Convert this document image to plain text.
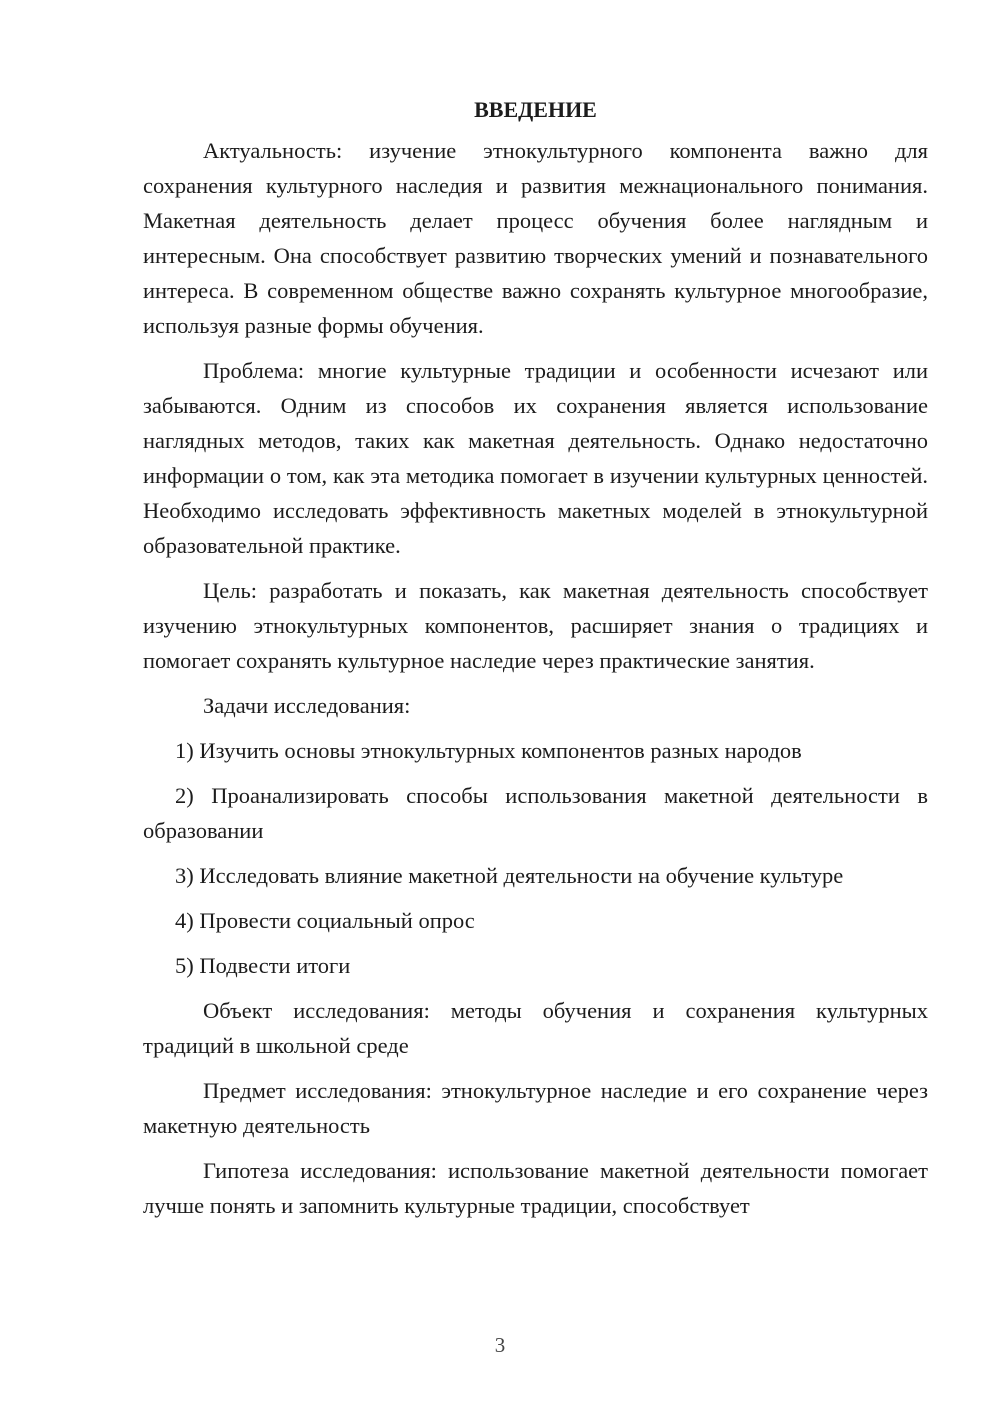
ВВЕДЕНИЕ

Актуальность: изучение этнокультурного компонента важно для сохранения культурного наследия и развития межнационального понимания. Макетная деятельность делает процесс обучения более наглядным и интересным. Она способствует развитию творческих умений и познавательного интереса. В современном обществе важно сохранять культурное многообразие, используя разные формы обучения.

Проблема: многие культурные традиции и особенности исчезают или забываются. Одним из способов их сохранения является использование наглядных методов, таких как макетная деятельность. Однако недостаточно информации о том, как эта методика помогает в изучении культурных ценностей. Необходимо исследовать эффективность макетных моделей в этнокультурной образовательной практике.

Цель: разработать и показать, как макетная деятельность способствует изучению этнокультурных компонентов, расширяет знания о традициях и помогает сохранять культурное наследие через практические занятия.

Задачи исследования:

1) Изучить основы этнокультурных компонентов разных народов

2) Проанализировать способы использования макетной деятельности в образовании

3) Исследовать влияние макетной деятельности на обучение культуре

4) Провести социальный опрос

5) Подвести итоги

Объект исследования: методы обучения и сохранения культурных традиций в школьной среде

Предмет исследования: этнокультурное наследие и его сохранение через макетную деятельность

Гипотеза исследования: использование макетной деятельности помогает лучше понять и запомнить культурные традиции, способствует

3
